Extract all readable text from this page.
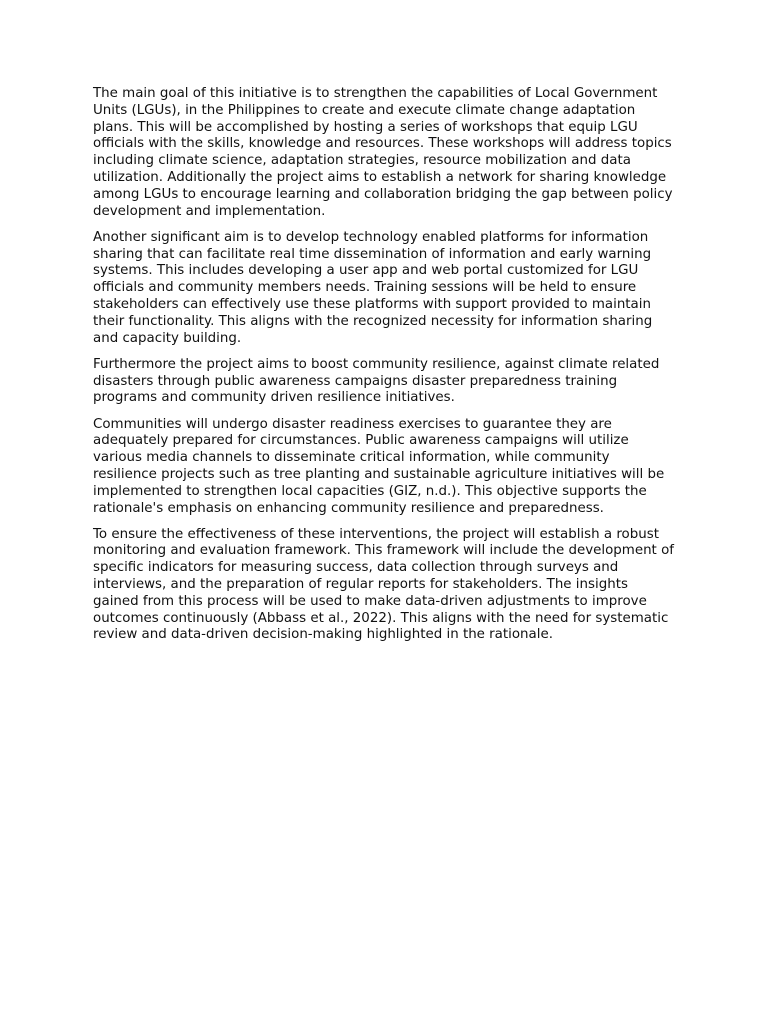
The main goal of this initiative is to strengthen the capabilities of Local Government Units (LGUs), in the Philippines to create and execute climate change adaptation plans. This will be accomplished by hosting a series of workshops that equip LGU officials with the skills, knowledge and resources. These workshops will address topics including climate science, adaptation strategies, resource mobilization and data utilization. Additionally the project aims to establish a network for sharing knowledge among LGUs to encourage learning and collaboration bridging the gap between policy development and implementation.

Another significant aim is to develop technology enabled platforms for information sharing that can facilitate real time dissemination of information and early warning systems. This includes developing a user app and web portal customized for LGU officials and community members needs. Training sessions will be held to ensure stakeholders can effectively use these platforms with support provided to maintain their functionality. This aligns with the recognized necessity for information sharing and capacity building.

Furthermore the project aims to boost community resilience, against climate related disasters through public awareness campaigns disaster preparedness training programs and community driven resilience initiatives.

Communities will undergo disaster readiness exercises to guarantee they are adequately prepared for circumstances. Public awareness campaigns will utilize various media channels to disseminate critical information, while community resilience projects such as tree planting and sustainable agriculture initiatives will be implemented to strengthen local capacities (GIZ, n.d.). This objective supports the rationale's emphasis on enhancing community resilience and preparedness.

To ensure the effectiveness of these interventions, the project will establish a robust monitoring and evaluation framework. This framework will include the development of specific indicators for measuring success, data collection through surveys and interviews, and the preparation of regular reports for stakeholders. The insights gained from this process will be used to make data-driven adjustments to improve outcomes continuously (Abbass et al., 2022). This aligns with the need for systematic review and data-driven decision-making highlighted in the rationale.
